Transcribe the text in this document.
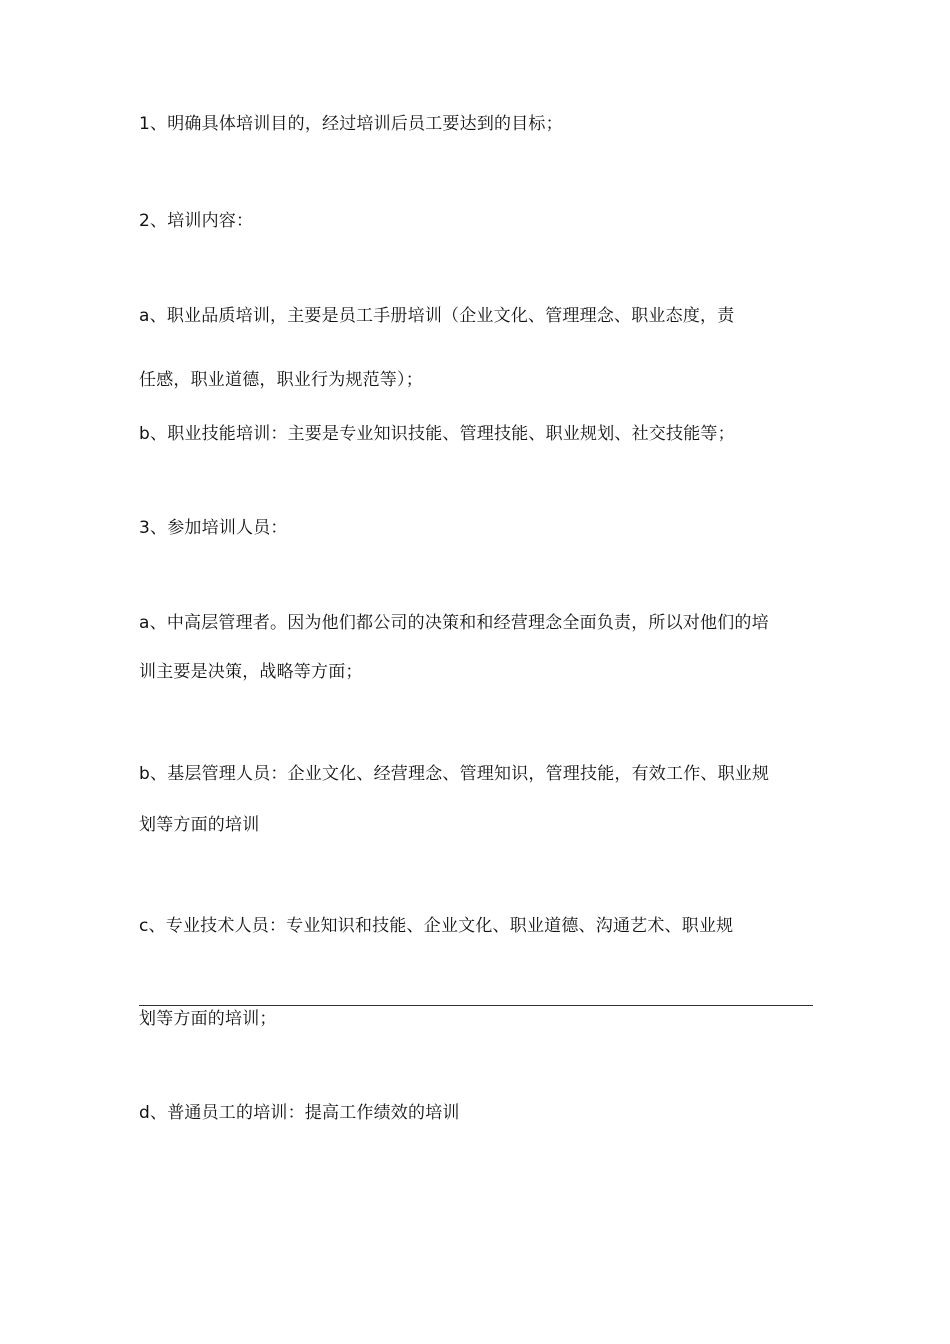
1、明确具体培训目的，经过培训后员工要达到的目标；
2、培训内容：
a、职业品质培训，主要是员工手册培训（企业文化、管理理念、职业态度，责
任感，职业道德，职业行为规范等）；
b、职业技能培训：主要是专业知识技能、管理技能、职业规划、社交技能等；
3、参加培训人员：
a、中高层管理者。因为他们都公司的决策和和经营理念全面负责，所以对他们的培
训主要是决策，战略等方面；
b、基层管理人员：企业文化、经营理念、管理知识，管理技能，有效工作、职业规
划等方面的培训
c、专业技术人员：专业知识和技能、企业文化、职业道德、沟通艺术、职业规
划等方面的培训；
d、普通员工的培训：提高工作绩效的培训
